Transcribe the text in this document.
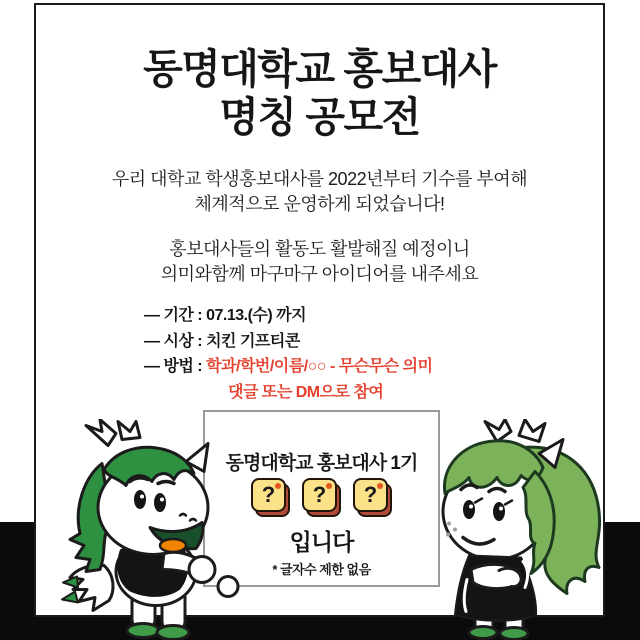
동명대학교 홍보대사
명칭 공모전
우리 대학교 학생홍보대사를 2022년부터 기수를 부여해
체계적으로 운영하게 되었습니다!
홍보대사들의 활동도 활발해질 예정이니
의미와함께 마구마구 아이디어를 내주세요
— 기간 : 07.13.(수) 까지
— 시상 : 치킨 기프티콘
— 방법 : 학과/학번/이름/○○ - 무슨무슨 의미
댓글 또는 DM으로 참여
동명대학교 홍보대사 1기
? ? ?
입니다
* 글자수 제한 없음
